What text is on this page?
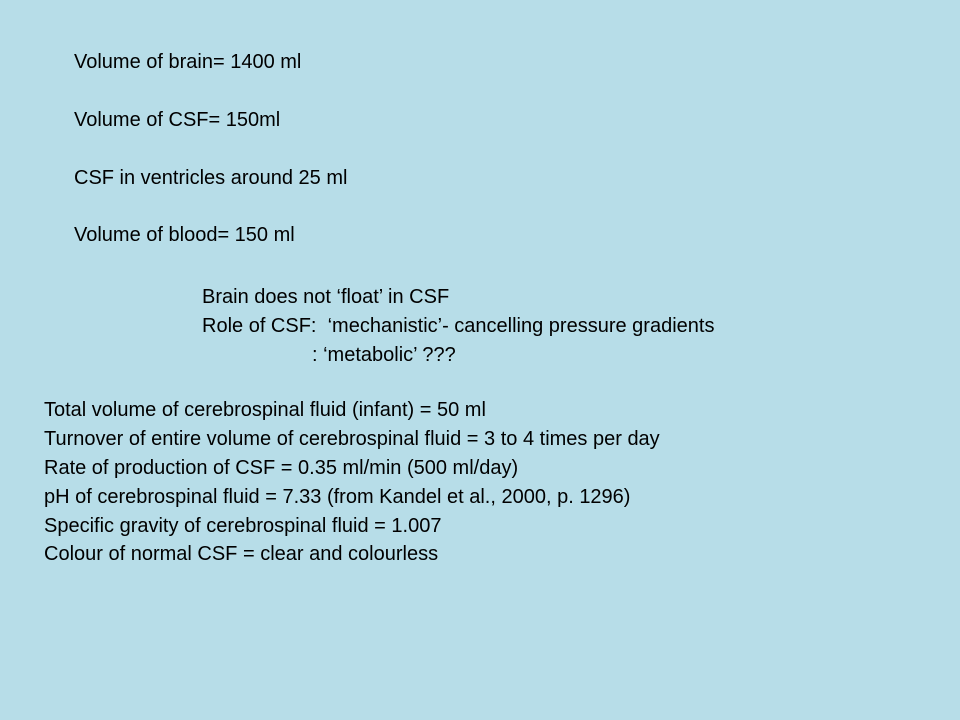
Volume of brain= 1400 ml
Volume of CSF= 150ml
CSF in ventricles around 25 ml
Volume of blood= 150 ml
Brain does not ‘float’ in CSF
Role of CSF:  ‘mechanistic’- cancelling pressure gradients
: ‘metabolic’ ???
Total volume of cerebrospinal fluid (infant) = 50 ml
Turnover of entire volume of cerebrospinal fluid = 3 to 4 times per day
Rate of production of CSF = 0.35 ml/min (500 ml/day)
pH of cerebrospinal fluid = 7.33 (from Kandel et al., 2000, p. 1296)
Specific gravity of cerebrospinal fluid = 1.007
Colour of normal CSF = clear and colourless
